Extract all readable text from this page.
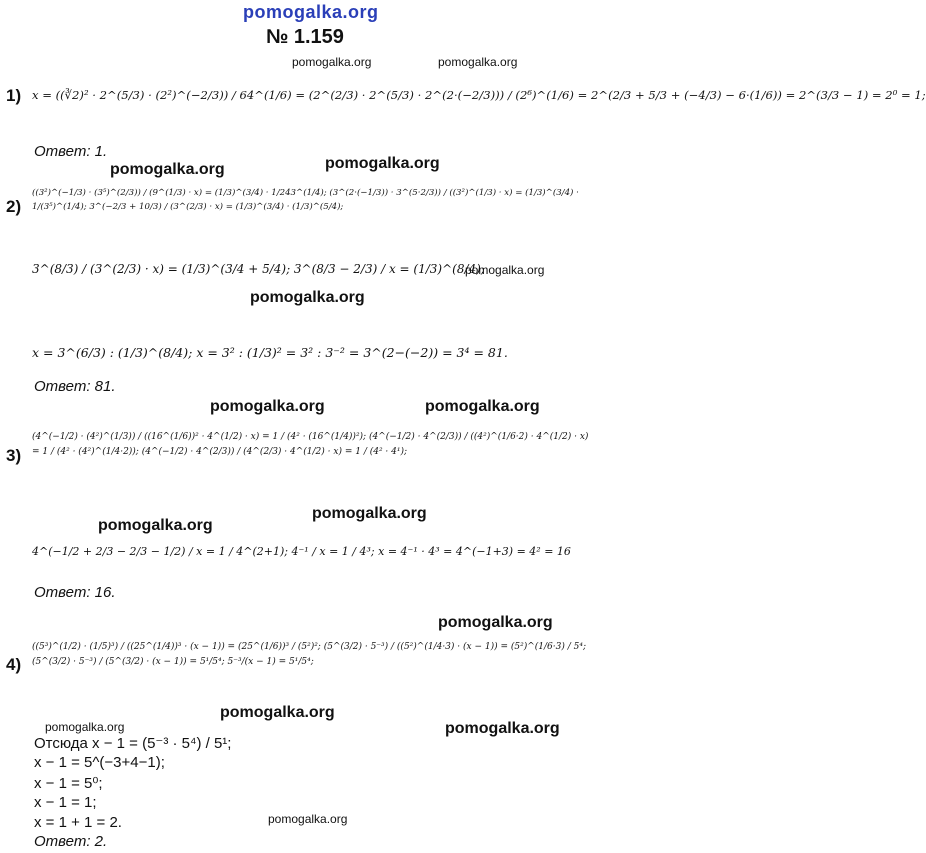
pomogalka.org
№ 1.159
pomogalka.org	pomogalka.org
pomogalka.org	pomogalka.org
pomogalka.org
pomogalka.org
pomogalka.org	pomogalka.org
pomogalka.org
pomogalka.org
pomogalka.org
pomogalka.org
pomogalka.org	pomogalka.org
pomogalka.org
1) x = ((∛2)² · 2^(5/3) · (2²)^(−2/3)) / 64^(1/6) = (2^(2/3) · 2^(5/3) · 2^(2·(−2/3))) / (2⁶)^(1/6) = 2^(2/3 + 5/3 + (−4/3) − 6·(1/6)) = 2^(3/3 − 1) = 2⁰ = 1;
Ответ: 1.
2)
((3²)^(−1/3) · (3⁵)^(2/3)) / (9^(1/3) · x) = (1/3)^(3/4) · 1/243^(1/4); (3^(2·(−1/3)) · 3^(5·2/3)) / ((3²)^(1/3) · x) = (1/3)^(3/4) · 1/(3⁵)^(1/4); 3^(−2/3 + 10/3) / (3^(2/3) · x) = (1/3)^(3/4) · (1/3)^(5/4);
3^(8/3) / (3^(2/3) · x) = (1/3)^(3/4 + 5/4); 3^(8/3 − 2/3) / x = (1/3)^(8/4);
x = 3^(6/3) : (1/3)^(8/4); x = 3² : (1/3)² = 3² : 3⁻² = 3^(2−(−2)) = 3⁴ = 81.
Ответ: 81.
3)
(4^(−1/2) · (4²)^(1/3)) / ((16^(1/6))² · 4^(1/2) · x) = 1 / (4² · (16^(1/4))²); (4^(−1/2) · 4^(2/3)) / ((4²)^(1/6·2) · 4^(1/2) · x) = 1 / (4² · (4²)^(1/4·2)); (4^(−1/2) · 4^(2/3)) / (4^(2/3) · 4^(1/2) · x) = 1 / (4² · 4¹);
4^(−1/2 + 2/3 − 2/3 − 1/2) / x = 1 / 4^(2+1); 4⁻¹ / x = 1 / 4³; x = 4⁻¹ · 4³ = 4^(−1+3) = 4² = 16
Ответ: 16.
4)
((5³)^(1/2) · (1/5)³) / ((25^(1/4))³ · (x − 1)) = (25^(1/6))³ / (5²)²; (5^(3/2) · 5⁻³) / ((5²)^(1/4·3) · (x − 1)) = (5²)^(1/6·3) / 5⁴; (5^(3/2) · 5⁻³) / (5^(3/2) · (x − 1)) = 5¹/5⁴; 5⁻³/(x − 1) = 5¹/5⁴;
Отсюда x − 1 = (5⁻³ · 5⁴) / 5¹;
x − 1 = 5^(−3+4−1);
x − 1 = 5⁰;
x − 1 = 1;
x = 1 + 1 = 2.
Ответ: 2.
